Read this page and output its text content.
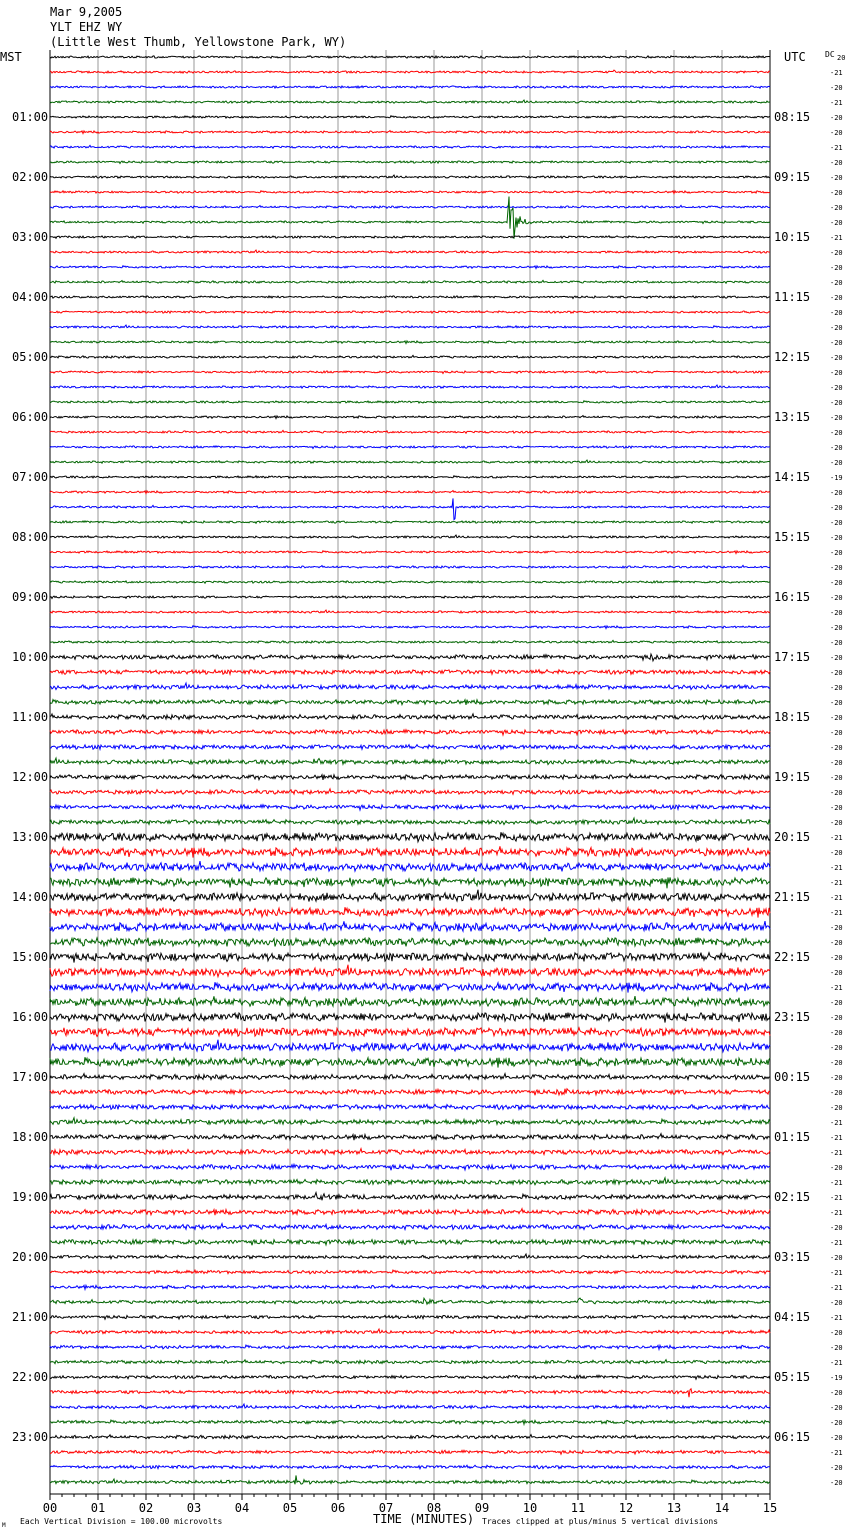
Mar 9,2005
YLT EHZ WY
(Little West Thumb, Yellowstone Park, WY)
MST	UTC DC
01:00
02:00
03:00
04:00
05:00
06:00
07:00
08:00
09:00
10:00
11:00
12:00
13:00
14:00
15:00
16:00
17:00
18:00
19:00
20:00
21:00
22:00
23:00
08:15
09:15
10:15
11:15
12:15
13:15
14:15
15:15
16:15
17:15
18:15
19:15
20:15
21:15
22:15
23:15
00:15
01:15
02:15
03:15
04:15
05:15
06:15
20
-21
-20
-21
-20
-20
-21
-20
-20
-20
-20
-20
-21
-20
-20
-20
-20
-20
-20
-20
-20
-20
-20
-20
-20
-20
-20
-20
-19
-20
-20
-20
-20
-20
-20
-20
-20
-20
-20
-20
-20
-20
-20
-20
-20
-20
-20
-20
-20
-20
-20
-20
-21
-20
-21
-21
-21
-21
-20
-20
-20
-20
-21
-20
-20
-20
-20
-20
-20
-20
-20
-21
-21
-21
-20
-21
-21
-21
-20
-21
-20
-21
-21
-20
-21
-20
-20
-21
-19
-20
-20
-20
-20
-21
-20
-20
00	01	02	03	04	05	06	07	08	09	10	11	12	13	14	15
TIME (MINUTES)
Each Vertical Division = 100.00 microvolts	Traces clipped at plus/minus 5 vertical divisions
M
